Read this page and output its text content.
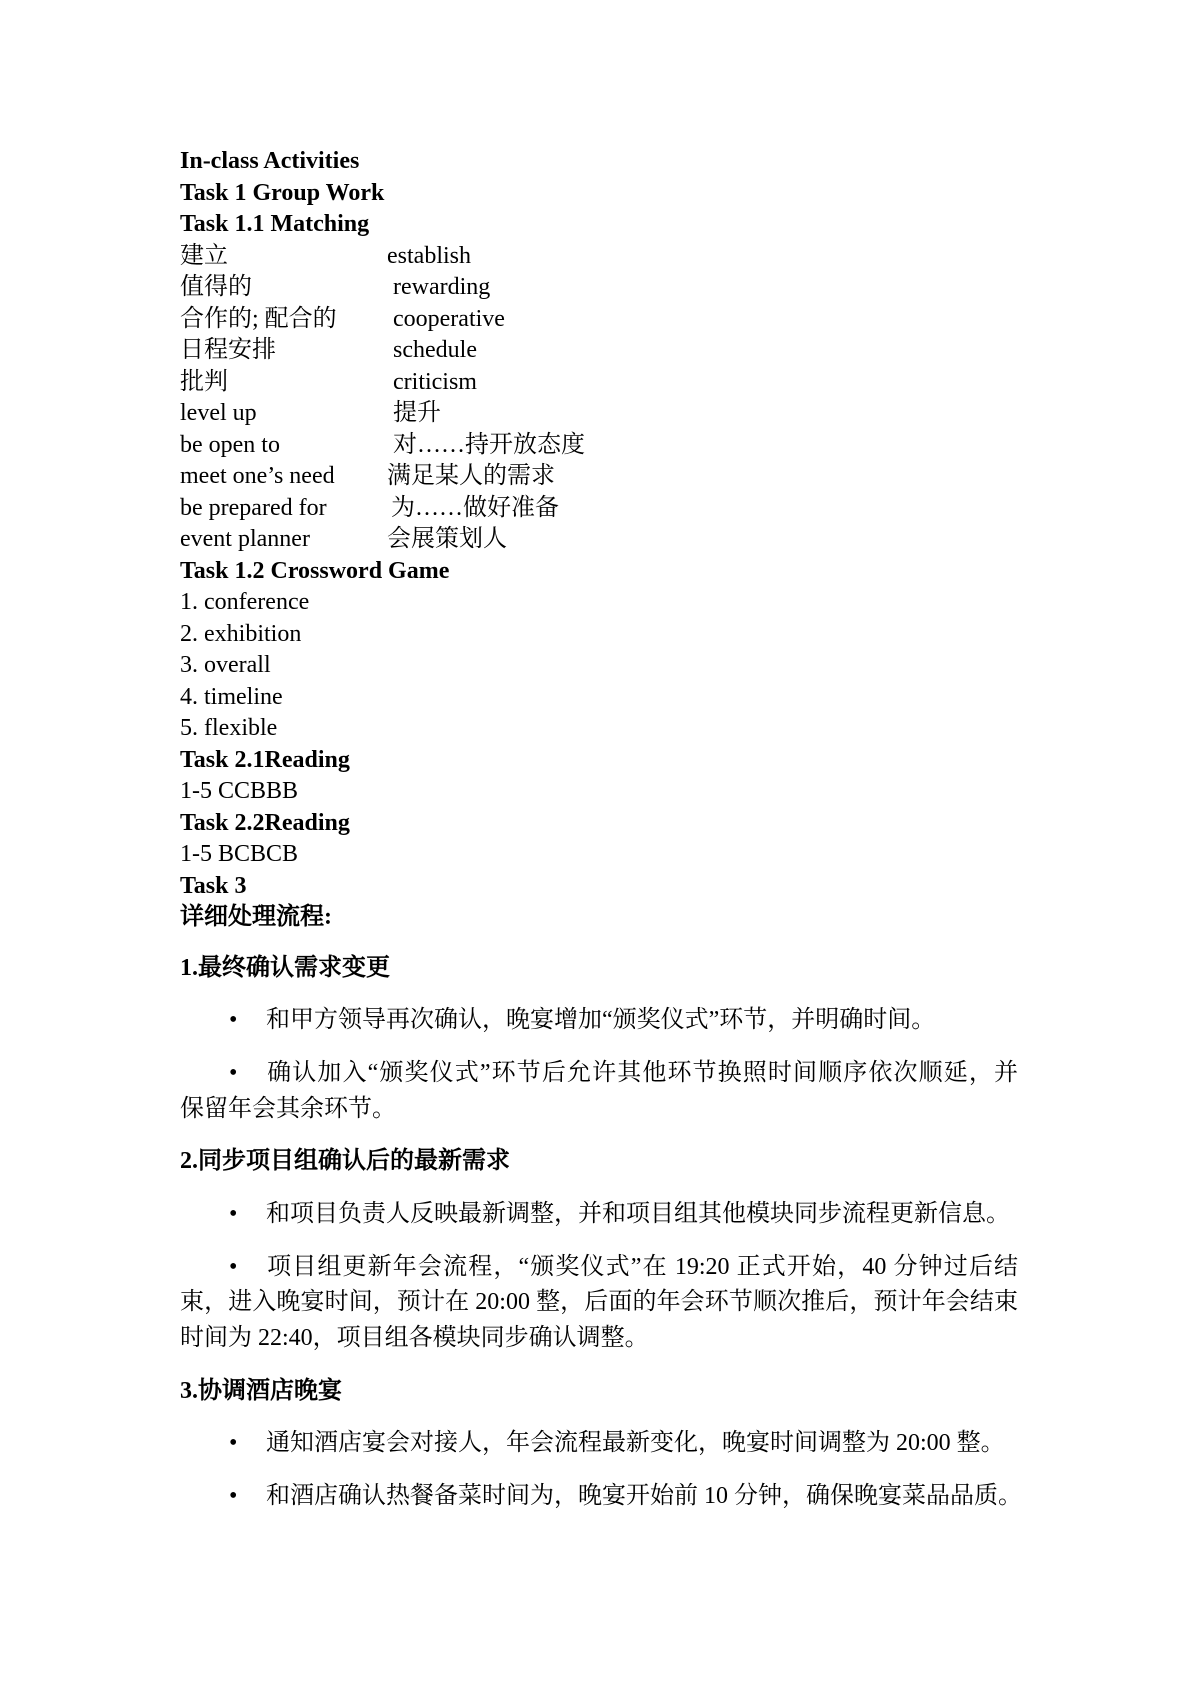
In-class Activities
Task 1 Group Work
Task 1.1 Matching
建立	establish
值得的	rewarding
合作的; 配合的	cooperative
日程安排	schedule
批判	criticism
level up	提升
be open to	对……持开放态度
meet one’s need	满足某人的需求
be prepared for	为……做好准备
event planner	会展策划人
Task 1.2 Crossword Game
1. conference
2. exhibition
3. overall
4. timeline
5. flexible
Task 2.1Reading
1-5 CCBBB
Task 2.2Reading
1-5 BCBCB
Task 3
详细处理流程:
1.最终确认需求变更
• 和甲方领导再次确认，晚宴增加“颁奖仪式”环节，并明确时间。
• 确认加入“颁奖仪式”环节后允许其他环节换照时间顺序依次顺延，并
保留年会其余环节。
2.同步项目组确认后的最新需求
• 和项目负责人反映最新调整，并和项目组其他模块同步流程更新信息。
• 项目组更新年会流程，“颁奖仪式”在 19:20 正式开始，40 分钟过后结
束，进入晚宴时间，预计在 20:00 整，后面的年会环节顺次推后，预计年会结束
时间为 22:40，项目组各模块同步确认调整。
3.协调酒店晚宴
• 通知酒店宴会对接人，年会流程最新变化，晚宴时间调整为 20:00 整。
• 和酒店确认热餐备菜时间为，晚宴开始前 10 分钟，确保晚宴菜品品质。
